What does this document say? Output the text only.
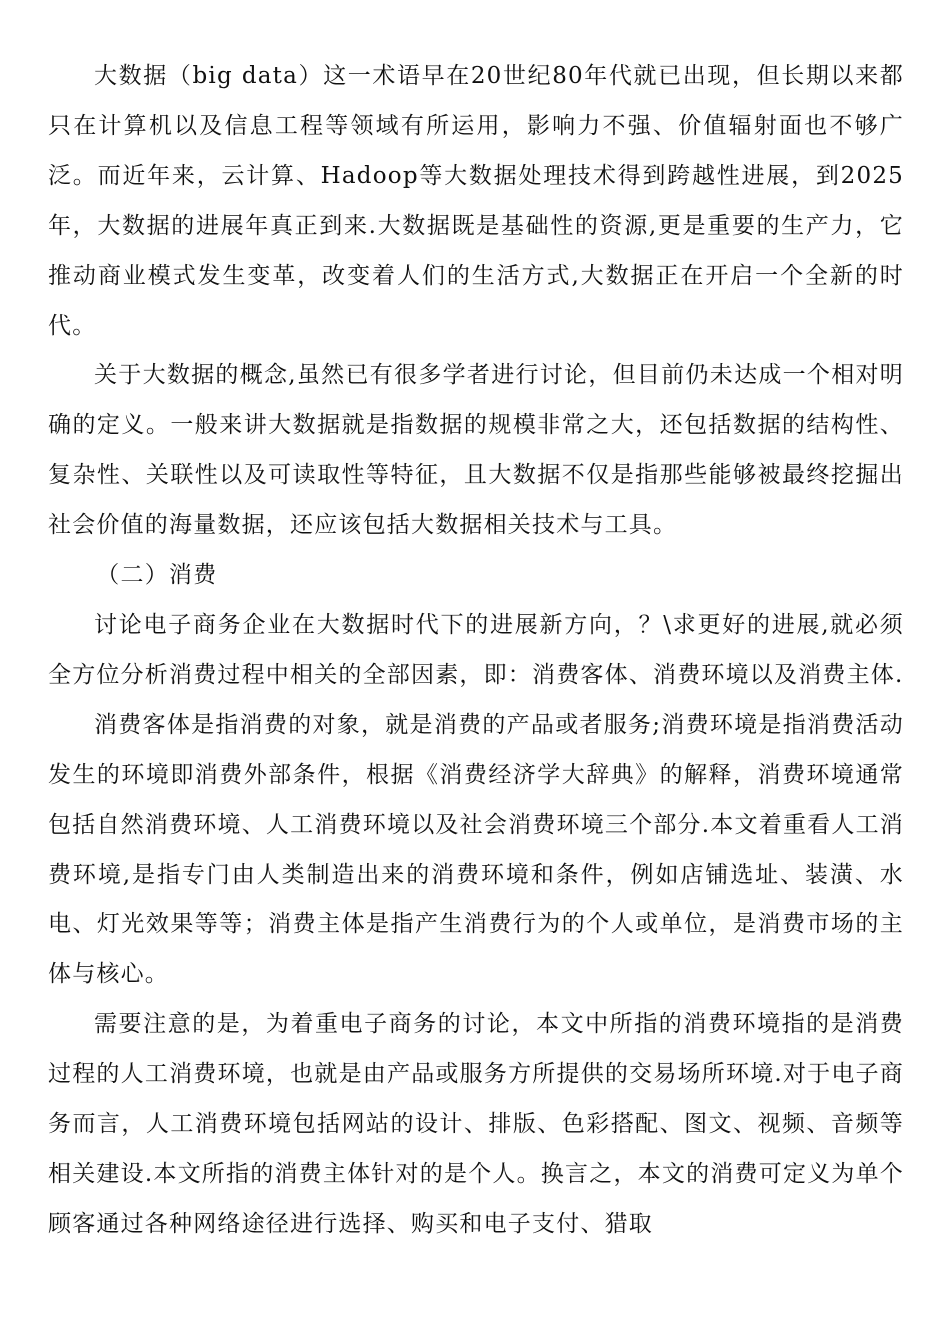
大数据（big data）这一术语早在20世纪80年代就已出现，但长期以来都只在计算机以及信息工程等领域有所运用，影响力不强、价值辐射面也不够广泛。而近年来，云计算、Hadoop等大数据处理技术得到跨越性进展，到2025年，大数据的进展年真正到来.大数据既是基础性的资源,更是重要的生产力，它推动商业模式发生变革，改变着人们的生活方式,大数据正在开启一个全新的时代。

关于大数据的概念,虽然已有很多学者进行讨论，但目前仍未达成一个相对明确的定义。一般来讲大数据就是指数据的规模非常之大，还包括数据的结构性、复杂性、关联性以及可读取性等特征，且大数据不仅是指那些能够被最终挖掘出社会价值的海量数据，还应该包括大数据相关技术与工具。

（二）消费

讨论电子商务企业在大数据时代下的进展新方向，？\求更好的进展,就必须全方位分析消费过程中相关的全部因素，即：消费客体、消费环境以及消费主体.

消费客体是指消费的对象，就是消费的产品或者服务;消费环境是指消费活动发生的环境即消费外部条件，根据《消费经济学大辞典》的解释，消费环境通常包括自然消费环境、人工消费环境以及社会消费环境三个部分.本文着重看人工消费环境,是指专门由人类制造出来的消费环境和条件，例如店铺选址、装潢、水电、灯光效果等等；消费主体是指产生消费行为的个人或单位，是消费市场的主体与核心。

需要注意的是，为着重电子商务的讨论，本文中所指的消费环境指的是消费过程的人工消费环境，也就是由产品或服务方所提供的交易场所环境.对于电子商务而言，人工消费环境包括网站的设计、排版、色彩搭配、图文、视频、音频等相关建设.本文所指的消费主体针对的是个人。换言之，本文的消费可定义为单个顾客通过各种网络途径进行选择、购买和电子支付、猎取
